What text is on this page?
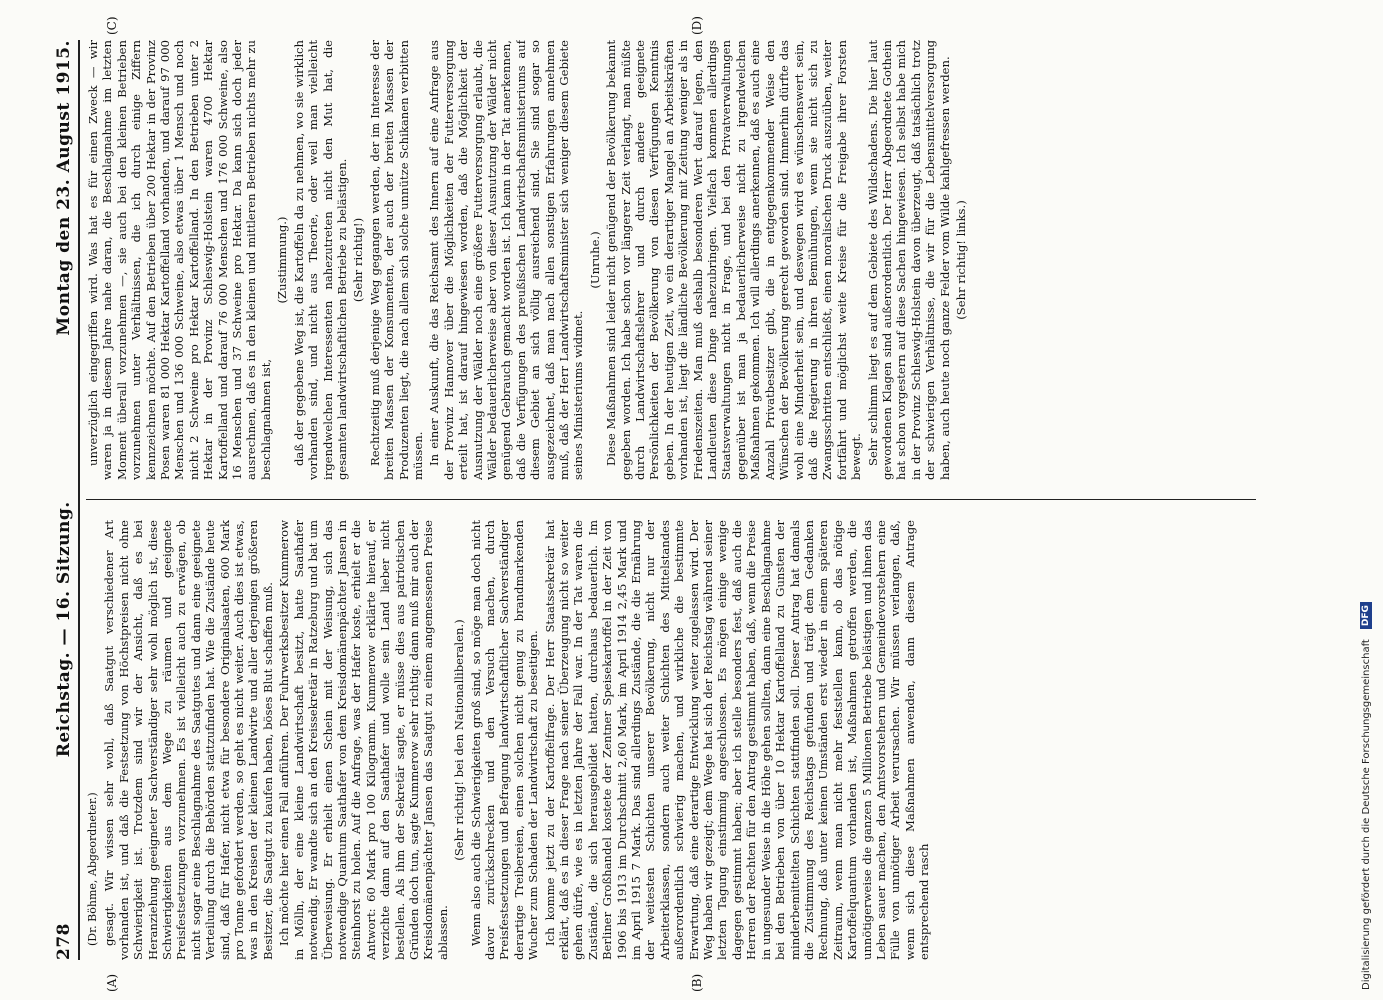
278
Reichstag. — 16. Sitzung.
Montag den 23. August 1915.
(A)	(B)
(C)	(D)

(Dr. Böhme, Abgeordneter.) gesagt. Wir wissen sehr wohl, daß Saatgut verschiedener Art vorhanden ist, und daß die Festsetzung von Höchstpreisen nicht ohne Schwierigkeit ist. Trotzdem sind wir der Ansicht, daß es bei Heranziehung geeigneter Sachverständiger sehr wohl möglich ist, diese Schwierigkeiten aus dem Wege zu räumen und geeignete Preisfestsetzungen vorzunehmen. Es ist vielleicht auch zu erwägen, ob nicht sogar eine Beschlagnahme des Saatgutes und dann eine geeignete Verteilung durch die Behörden stattzufinden hat. Wie die Zustände heute sind, daß für Hafer, nicht etwa für besondere Originalsaaten, 600 Mark pro Tonne gefordert werden, so geht es nicht weiter. Auch dies ist etwas, was in den Kreisen der kleinen Landwirte und aller derjenigen größeren Besitzer, die Saatgut zu kaufen haben, böses Blut schaffen muß. Ich möchte hier einen Fall anführen. Der Fuhrwerksbesitzer Kummerow in Mölln, der eine kleine Landwirtschaft besitzt, hatte Saathafer notwendig. Er wandte sich an den Kreissekretär in Ratzeburg und bat um Überweisung. Er erhielt einen Schein mit der Weisung, sich das notwendige Quantum Saathafer von dem Kreisdomänenpächter Jansen in Steinhorst zu holen. Auf die Anfrage, was der Hafer koste, erhielt er die Antwort: 60 Mark pro 100 Kilogramm. Kummerow erklärte hierauf, er verzichte dann auf den Saathafer und wolle sein Land lieber nicht bestellen. Als ihm der Sekretär sagte, er müsse dies aus patriotischen Gründen doch tun, sagte Kummerow sehr richtig: dann muß mir auch der Kreisdomänenpächter Jansen das Saatgut zu einem angemessenen Preise ablassen.

(Sehr richtig! bei den Nationalliberalen.) Wenn also auch die Schwierigkeiten groß sind, so möge man doch nicht davor zurückschrecken und den Versuch machen, durch Preisfestsetzungen und Befragung landwirtschaftlicher Sachverständiger derartige Treibereien, einen solchen nicht genug zu brandmarkenden Wucher zum Schaden der Landwirtschaft zu beseitigen. Ich komme jetzt zu der Kartoffelfrage. Der Herr Staatssekretär hat erklärt, daß es in dieser Frage nach seiner Überzeugung nicht so weiter gehen dürfe, wie es in letzten Jahre der Fall war. In der Tat waren die Zustände, die sich herausgebildet hatten, durchaus bedauerlich. Im Berliner Großhandel kostete der Zentner Speisekartoffel in der Zeit von 1906 bis 1913 im Durchschnitt 2,60 Mark, im April 1914 2,45 Mark und im April 1915 7 Mark. Das sind allerdings Zustände, die die Ernährung der weitesten Schichten unserer Bevölkerung, nicht nur der Arbeiterklassen, sondern auch weiter Schichten des Mittelstandes außerordentlich schwierig machen, und wirkliche die bestimmte Erwartung, daß eine derartige Entwicklung weiter zugelassen wird. Der Weg haben wir gezeigt; dem Wege hat sich der Reichstag während seiner letzten Tagung einstimmig angeschlossen. Es mögen einige wenige dagegen gestimmt haben; aber ich stelle besonders fest, daß auch die Herren der Rechten für den Antrag gestimmt haben, daß, wenn die Preise in ungesunder Weise in die Höhe gehen sollten, dann eine Beschlagnahme bei den Betrieben von über 10 Hektar Kartoffelland zu Gunsten der minderbemittelten Schichten stattfinden soll. Dieser Antrag hat damals die Zustimmung des Reichstags gefunden und trägt dem Gedanken Rechnung, daß unter keinen Umständen erst wieder in einem späteren Zeitraum, wenn man nicht mehr feststellen kann, ob das nötige Kartoffelquantum vorhanden ist, Maßnahmen getroffen werden, die unnötigerweise die ganzen 5 Millionen Betriebe belästigen und ihnen das Leben sauer machen, den Amtsvorstehern und Gemeindevorstehern eine Fülle von unnötiger Arbeit verursachen. Wir müssen verlangen, daß, wenn sich diese Maßnahmen anwenden, dann diesem Antrage entsprechend rasch

unverzüglich eingegriffen wird. Was hat es für einen Zweck — wir waren ja in diesem Jahre nahe daran, die Beschlagnahme im letzten Moment überall vorzunehmen —, sie auch bei den kleinen Betrieben vorzunehmen unter Verhältnissen, die ich durch einige Ziffern kennzeichnen möchte. Auf den Betrieben über 200 Hektar in der Provinz Posen waren 81 000 Hektar Kartoffelland vorhanden, und darauf 97 000 Menschen und 136 000 Schweine, also etwas über 1 Mensch und noch nicht 2 Schweine pro Hektar Kartoffelland. In den Betrieben unter 2 Hektar in der Provinz Schleswig-Holstein waren 4700 Hektar Kartoffelland und darauf 76 000 Menschen und 176 000 Schweine, also 16 Menschen und 37 Schweine pro Hektar. Da kann sich doch jeder ausrechnen, daß es in den kleinen und mittleren Betrieben nichts mehr zu beschlagnahmen ist,

(Zustimmung.) daß der gegebene Weg ist, die Kartoffeln da zu nehmen, wo sie wirklich vorhanden sind, und nicht aus Theorie, oder weil man vielleicht irgendwelchen Interessenten nahezutreten nicht den Mut hat, die gesamten landwirtschaftlichen Betriebe zu belästigen. (Sehr richtig!) Rechtzeitig muß derjenige Weg gegangen werden, der im Interesse der breiten Massen der Konsumenten, der auch der breiten Massen der Produzenten liegt, die nach allem sich solche unnütze Schikanen verbitten müssen. In einer Auskunft, die das Reichsamt des Innern auf eine Anfrage aus der Provinz Hannover über die Möglichkeiten der Futterversorgung erteilt hat, ist darauf hingewiesen worden, daß die Möglichkeit der Ausnutzung der Wälder noch eine größere Futterversorgung erlaubt, die Wälder bedauerlicherweise aber von dieser Ausnutzung der Wälder nicht genügend Gebrauch gemacht worden ist. Ich kann in der Tat anerkennen, daß die Verfügungen des preußischen Landwirtschaftsministeriums auf diesem Gebiet an sich völlig ausreichend sind. Sie sind sogar so ausgezeichnet, daß man nach allen sonstigen Erfahrungen annehmen muß, daß der Herr Landwirtschaftsminister sich weniger diesem Gebiete seines Ministeriums widmet.

(Unruhe.) Diese Maßnahmen sind leider nicht genügend der Bevölkerung bekannt gegeben worden. Ich habe schon vor längerer Zeit verlangt, man müßte durch Landwirtschaftslehrer und durch andere geeignete Persönlichkeiten der Bevölkerung von diesen Verfügungen Kenntnis geben. In der heutigen Zeit, wo ein derartiger Mangel an Arbeitskräften vorhanden ist, liegt die ländliche Bevölkerung mit Zeitung weniger als in Friedenszeiten. Man muß deshalb besonderen Wert darauf legen, den Landleuten diese Dinge nahezubringen. Vielfach kommen allerdings Staatsverwaltungen nicht in Frage, und bei den Privatverwaltungen gegenüber ist man ja bedauerlicherweise nicht zu irgendwelchen Maßnahmen gekommen. Ich will allerdings anerkennen, daß es auch eine Anzahl Privatbesitzer gibt, die in entgegenkommender Weise den Wünschen der Bevölkerung gerecht geworden sind. Immerhin dürfte das wohl eine Minderheit sein, und deswegen wird es wünschenswert sein, daß die Regierung in ihren Bemühungen, wenn sie nicht sich zu Zwangsschritten entschließt, einen moralischen Druck auszuüben, weiter fortfährt und möglichst weite Kreise für die Freigabe ihrer Forsten bewegt. Sehr schlimm liegt es auf dem Gebiete des Wildschadens. Die hier laut gewordenen Klagen sind außerordentlich. Der Herr Abgeordnete Gothein hat schon vorgestern auf diese Sachen hingewiesen. Ich selbst habe mich in der Provinz Schleswig-Holstein davon überzeugt, daß tatsächlich trotz der schwierigen Verhältnisse, die wir für die Lebensmittelversorgung haben, auch heute noch ganze Felder vom Wilde kahlgefressen werden. (Sehr richtig! links.)

Digitalisierung gefördert durch die Deutsche Forschungsgemeinschaft
DFG
